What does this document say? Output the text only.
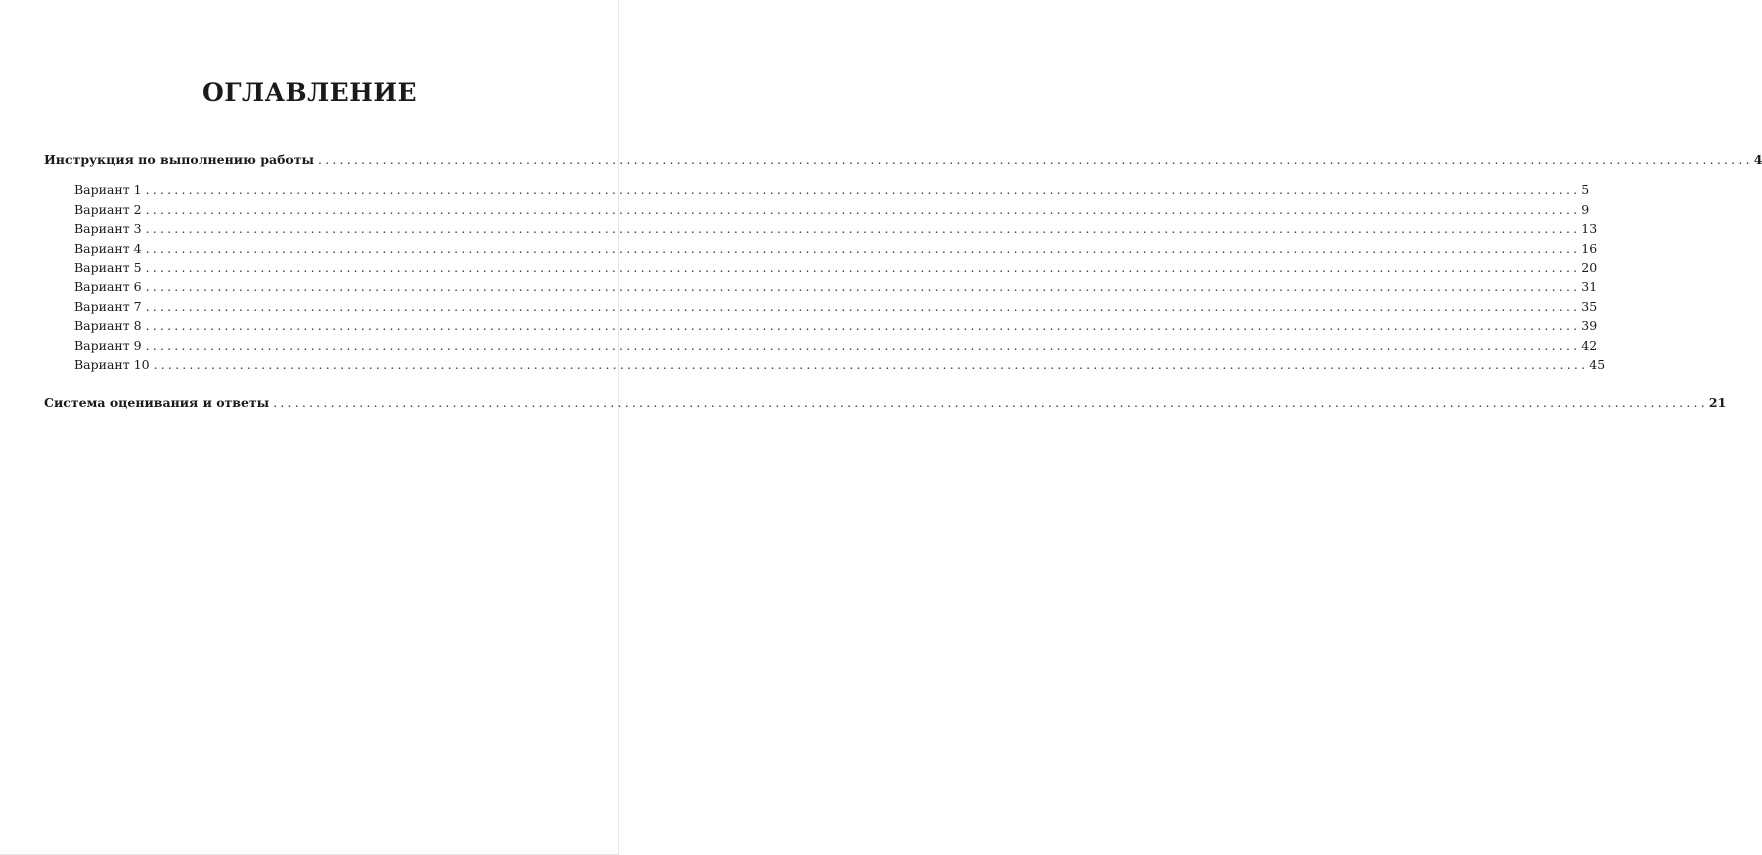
ОГЛАВЛЕНИЕ
Инструкция по выполнению работы ........................................................................................................................................................................................................ 4
Вариант 1 ........................................................................................................................................................................................................ 5
Вариант 2 ........................................................................................................................................................................................................ 9
Вариант 3 ........................................................................................................................................................................................................ 13
Вариант 4 ........................................................................................................................................................................................................ 16
Вариант 5 ........................................................................................................................................................................................................ 20
Вариант 6 ........................................................................................................................................................................................................ 31
Вариант 7 ........................................................................................................................................................................................................ 35
Вариант 8 ........................................................................................................................................................................................................ 39
Вариант 9 ........................................................................................................................................................................................................ 42
Вариант 10 ........................................................................................................................................................................................................ 45
Система оценивания и ответы ........................................................................................................................................................................................................ 21
